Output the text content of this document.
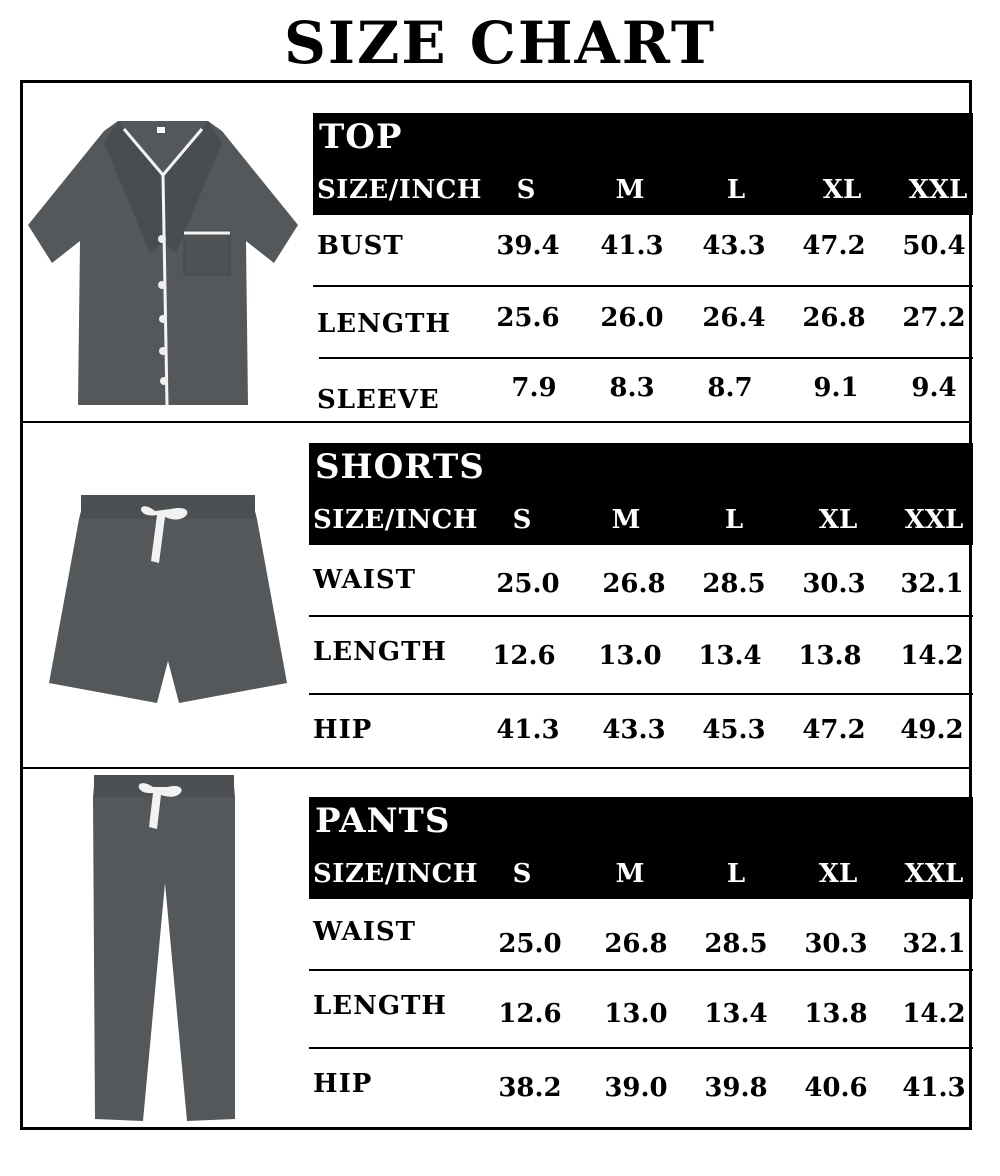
SIZE CHART
TOP
SIZE/INCH	S	M	L	XL	XXL
BUST	39.4	41.3	43.3	47.2	50.4
LENGTH	25.6	26.0	26.4	26.8	27.2
SLEEVE	7.9	8.3	8.7	9.1	9.4
SHORTS
SIZE/INCH	S	M	L	XL	XXL
WAIST	25.0	26.8	28.5	30.3	32.1
LENGTH	12.6	13.0	13.4	13.8	14.2
HIP	41.3	43.3	45.3	47.2	49.2
PANTS
SIZE/INCH	S	M	L	XL	XXL
WAIST	25.0	26.8	28.5	30.3	32.1
LENGTH	12.6	13.0	13.4	13.8	14.2
HIP	38.2	39.0	39.8	40.6	41.3
